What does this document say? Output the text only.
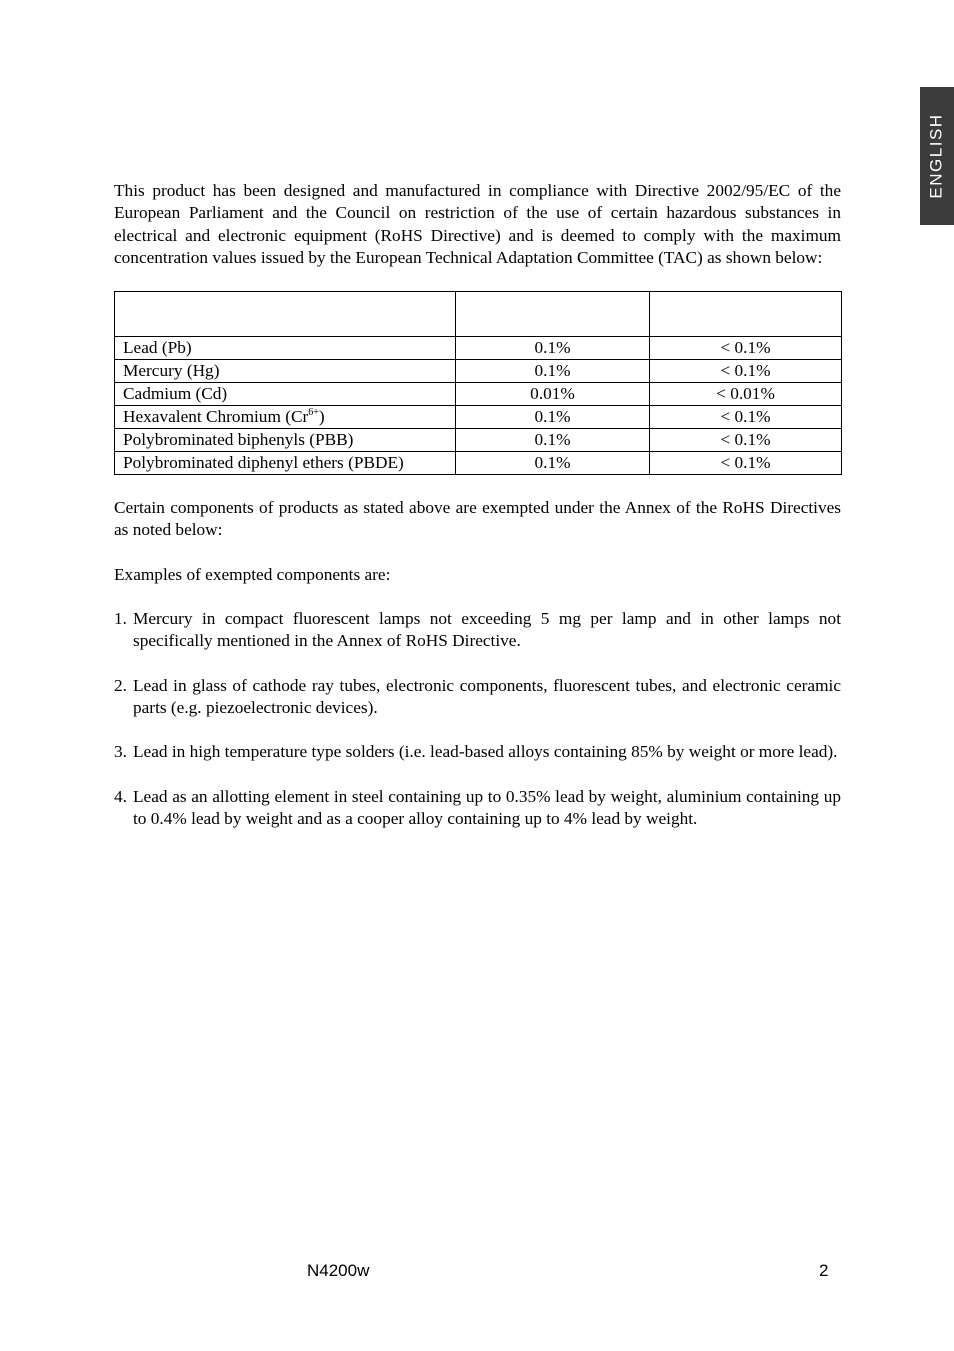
ENGLISH

This product has been designed and manufactured in compliance with Directive 2002/95/EC of the European Parliament and the Council on restriction of the use of certain hazardous substances in electrical and electronic equipment (RoHS Directive) and is deemed to comply with the maximum concentration values issued by the European Technical Adaptation Committee (TAC) as shown below:

Lead (Pb)	0.1%	< 0.1%
Mercury (Hg)	0.1%	< 0.1%
Cadmium (Cd)	0.01%	< 0.01%
Hexavalent Chromium $(Cr^{6+})$	0.1%	< 0.1%
Polybrominated biphenyls (PBB)	0.1%	< 0.1%
Polybrominated diphenyl ethers (PBDE)	0.1%	< 0.1%

Certain components of products as stated above are exempted under the Annex of the RoHS Directives as noted below:

Examples of exempted components are:

1. Mercury in compact fluorescent lamps not exceeding 5 mg per lamp and in other lamps not specifically mentioned in the Annex of RoHS Directive.
2. Lead in glass of cathode ray tubes, electronic components, fluorescent tubes, and electronic ceramic parts (e.g. piezoelectronic devices).
3. Lead in high temperature type solders (i.e. lead-based alloys containing 85% by weight or more lead).
4. Lead as an allotting element in steel containing up to 0.35% lead by weight, aluminium containing up to 0.4% lead by weight and as a cooper alloy containing up to 4% lead by weight.
N4200w	2
